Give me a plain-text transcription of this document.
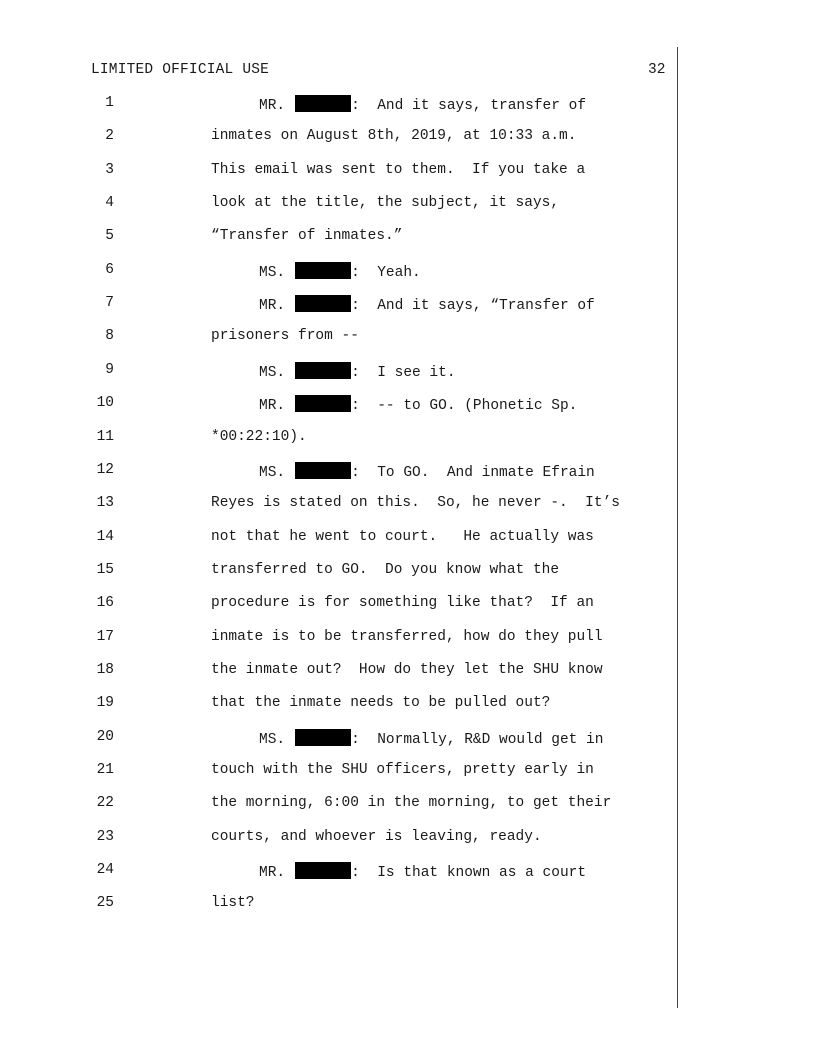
LIMITED OFFICIAL USE	32
1	MR.	:  And it says, transfer of
2	inmates on August 8th, 2019, at 10:33 a.m.
3	This email was sent to them.  If you take a
4	look at the title, the subject, it says,
5	“Transfer of inmates.”
6	MS.	:  Yeah.
7	MR.	:  And it says, “Transfer of
8	prisoners from --
9	MS.	:  I see it.
10	MR.	:  -- to GO. (Phonetic Sp.
11	*00:22:10).
12	MS.	:  To GO.  And inmate Efrain
13	Reyes is stated on this.  So, he never -.  It’s
14	not that he went to court.   He actually was
15	transferred to GO.  Do you know what the
16	procedure is for something like that?  If an
17	inmate is to be transferred, how do they pull
18	the inmate out?  How do they let the SHU know
19	that the inmate needs to be pulled out?
20	MS.	:  Normally, R&D would get in
21	touch with the SHU officers, pretty early in
22	the morning, 6:00 in the morning, to get their
23	courts, and whoever is leaving, ready.
24	MR.	:  Is that known as a court
25	list?
